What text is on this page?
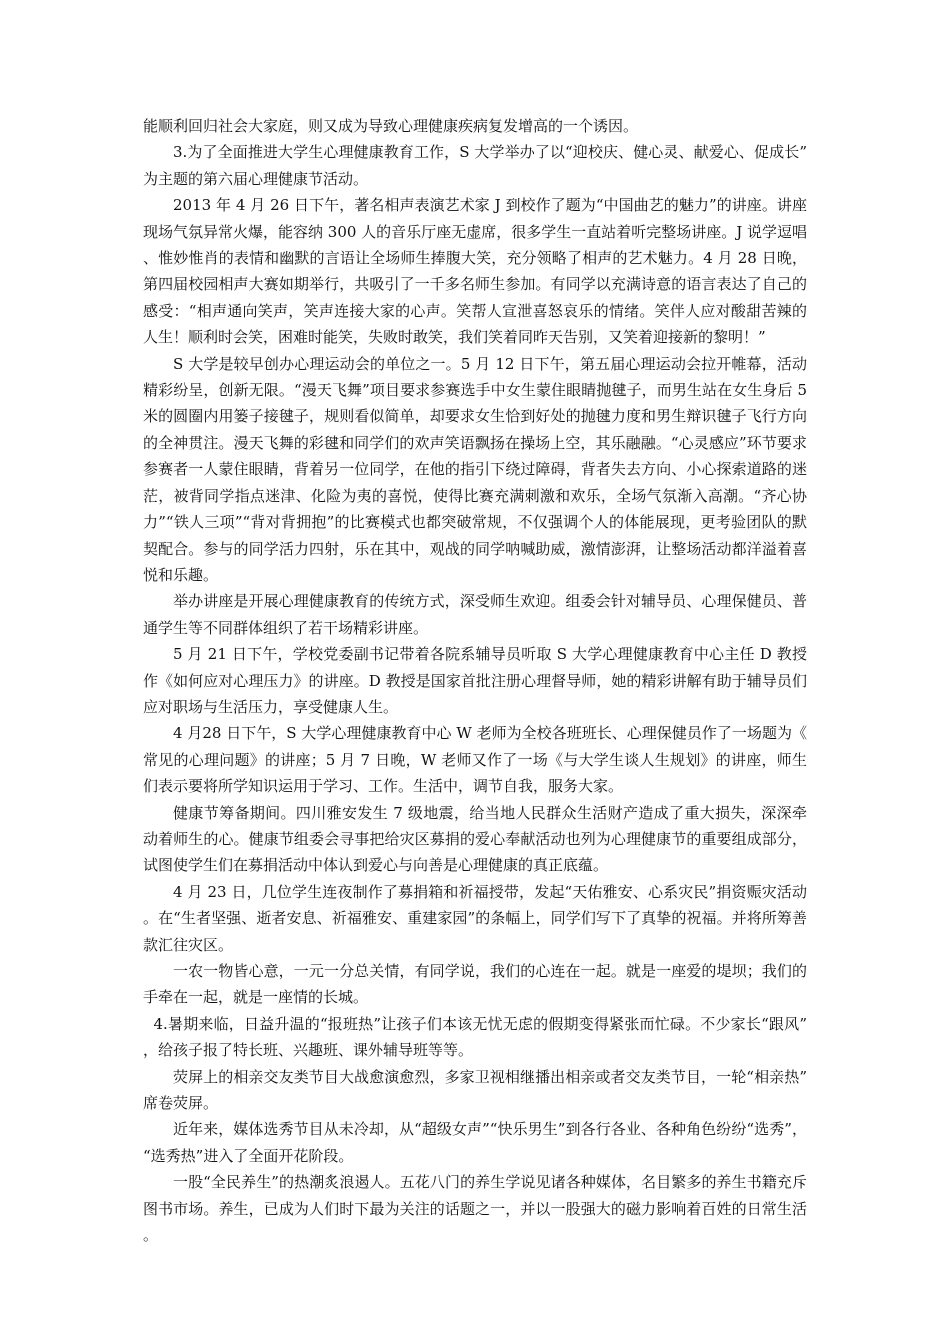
能顺利回归社会大家庭，则又成为导致心理健康疾病复发增高的一个诱因。

3.为了全面推进大学生心理健康教育工作，S 大学举办了以“迎校庆、健心灵、献爱心、促成长”为主题的第六届心理健康节活动。

2013 年 4 月 26 日下午，著名相声表演艺术家 J 到校作了题为“中国曲艺的魅力”的讲座。讲座现场气氛异常火爆，能容纳 300 人的音乐厅座无虚席，很多学生一直站着听完整场讲座。J 说学逗唱、惟妙惟肖的表情和幽默的言语让全场师生捧腹大笑，充分领略了相声的艺术魅力。4 月 28 日晚，第四届校园相声大赛如期举行，共吸引了一千多名师生参加。有同学以充满诗意的语言表达了自己的感受：“相声通向笑声，笑声连接大家的心声。笑帮人宣泄喜怒哀乐的情绪。笑伴人应对酸甜苦辣的人生！顺利时会笑，困难时能笑，失败时敢笑，我们笑着同昨天告别，又笑着迎接新的黎明！”

S 大学是较早创办心理运动会的单位之一。5 月 12 日下午，第五届心理运动会拉开帷幕，活动精彩纷呈，创新无限。“漫天飞舞”项目要求参赛选手中女生蒙住眼睛抛毽子，而男生站在女生身后 5 米的圆圈内用篓子接毽子，规则看似简单，却要求女生恰到好处的抛毽力度和男生辩识毽子飞行方向的全神贯注。漫天飞舞的彩毽和同学们的欢声笑语飘扬在操场上空，其乐融融。“心灵感应”环节要求参赛者一人蒙住眼睛，背着另一位同学，在他的指引下绕过障碍，背者失去方向、小心探索道路的迷茫，被背同学指点迷津、化险为夷的喜悦，使得比赛充满刺激和欢乐，全场气氛渐入高潮。“齐心协力”“铁人三项”“背对背拥抱”的比赛模式也都突破常规，不仅强调个人的体能展现，更考验团队的默契配合。参与的同学活力四射，乐在其中，观战的同学呐喊助威，激情澎湃，让整场活动都洋溢着喜悦和乐趣。

举办讲座是开展心理健康教育的传统方式，深受师生欢迎。组委会针对辅导员、心理保健员、普通学生等不同群体组织了若干场精彩讲座。

5 月 21 日下午，学校党委副书记带着各院系辅导员听取 S 大学心理健康教育中心主任 D 教授作《如何应对心理压力》的讲座。D 教授是国家首批注册心理督导师，她的精彩讲解有助于辅导员们应对职场与生活压力，享受健康人生。

4 月28 日下午，S 大学心理健康教育中心 W 老师为全校各班班长、心理保健员作了一场题为《常见的心理问题》的讲座；5 月 7 日晚，W 老师又作了一场《与大学生谈人生规划》的讲座，师生们表示要将所学知识运用于学习、工作。生活中，调节自我，服务大家。

健康节筹备期间。四川雅安发生 7 级地震，给当地人民群众生活财产造成了重大损失，深深牵动着师生的心。健康节组委会寻事把给灾区募捐的爱心奉献活动也列为心理健康节的重要组成部分，试图使学生们在募捐活动中体认到爱心与向善是心理健康的真正底蕴。

4 月 23 日，几位学生连夜制作了募捐箱和祈福授带，发起“天佑雅安、心系灾民”捐资赈灾活动。在“生者坚强、逝者安息、祈福雅安、重建家园”的条幅上，同学们写下了真挚的祝福。并将所筹善款汇往灾区。

一农一物皆心意，一元一分总关情，有同学说，我们的心连在一起。就是一座爱的堤坝；我们的手牵在一起，就是一座情的长城。

4.暑期来临，日益升温的“报班热”让孩子们本该无忧无虑的假期变得紧张而忙碌。不少家长“跟风”，给孩子报了特长班、兴趣班、课外辅导班等等。

荧屏上的相亲交友类节目大战愈演愈烈，多家卫视相继播出相亲或者交友类节目，一轮“相亲热”席卷荧屏。

近年来，媒体选秀节目从未冷却，从“超级女声”“快乐男生”到各行各业、各种角色纷纷“选秀”，“选秀热”进入了全面开花阶段。

一股“全民养生”的热潮炙浪遏人。五花八门的养生学说见诸各种媒体，名目繁多的养生书籍充斥图书市场。养生，已成为人们时下最为关注的话题之一，并以一股强大的磁力影响着百姓的日常生活。
